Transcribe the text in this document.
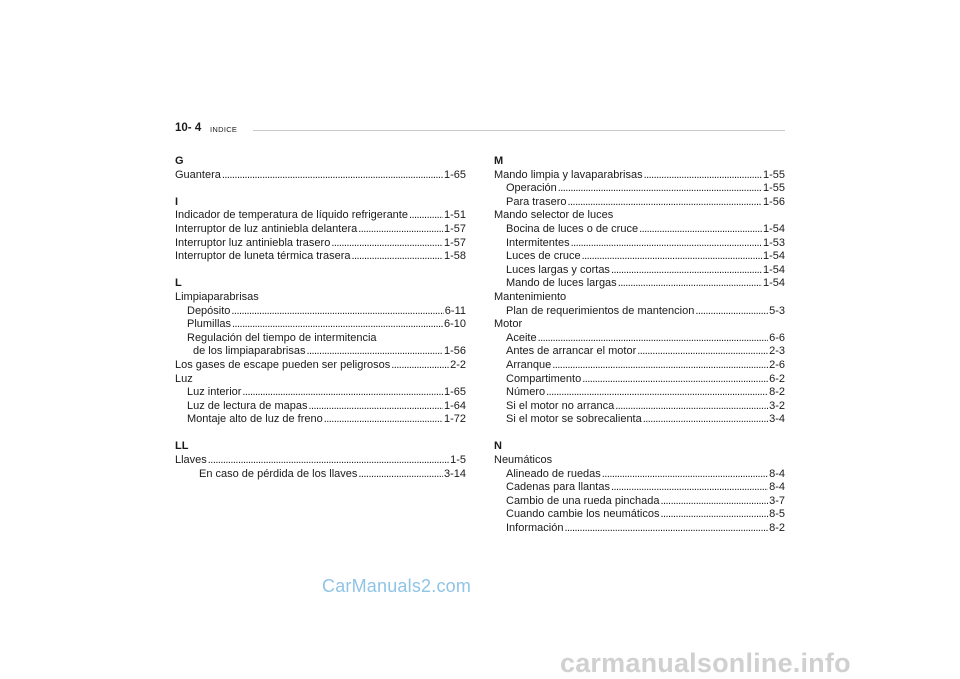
10- 4 INDICE
G
Guantera . . .	1-65
I
Indicador de temperatura de líquido refrigerante . . .	1-51
Interruptor de luz antiniebla delantera . . .	1-57
Interruptor luz antiniebla trasero . . .	1-57
Interruptor de luneta térmica trasera . . .	1-58
L
Limpiaparabrisas
Depósito . . .	6-11
Plumillas . . .	6-10
Regulación del tiempo de intermitencia
de los limpiaparabrisas . . .	1-56
Los gases de escape pueden ser peligrosos . . .	2-2
Luz
Luz interior . . .	1-65
Luz de lectura de mapas . . .	1-64
Montaje alto de luz de freno . . .	1-72
LL
Llaves . . .	1-5
En caso de pérdida de los llaves . . .	3-14
M
Mando limpia y lavaparabrisas . . .	1-55
Operación . . .	1-55
Para trasero . . .	1-56
Mando selector de luces
Bocina de luces o de cruce . . .	1-54
Intermitentes . . .	1-53
Luces de cruce . . .	1-54
Luces largas y cortas . . .	1-54
Mando de luces largas . . .	1-54
Mantenimiento
Plan de requerimientos de mantencion . . .	5-3
Motor
Aceite . . .	6-6
Antes de arrancar el motor . . .	2-3
Arranque . . .	2-6
Compartimento . . .	6-2
Número . . .	8-2
Si el motor no arranca . . .	3-2
Si el motor se sobrecalienta . . .	3-4
N
Neumáticos
Alineado de ruedas . . .	8-4
Cadenas para llantas . . .	8-4
Cambio de una rueda pinchada . . .	3-7
Cuando cambie los neumáticos . . .	8-5
Información . . .	8-2
CarManuals2.com
carmanualsonline.info
